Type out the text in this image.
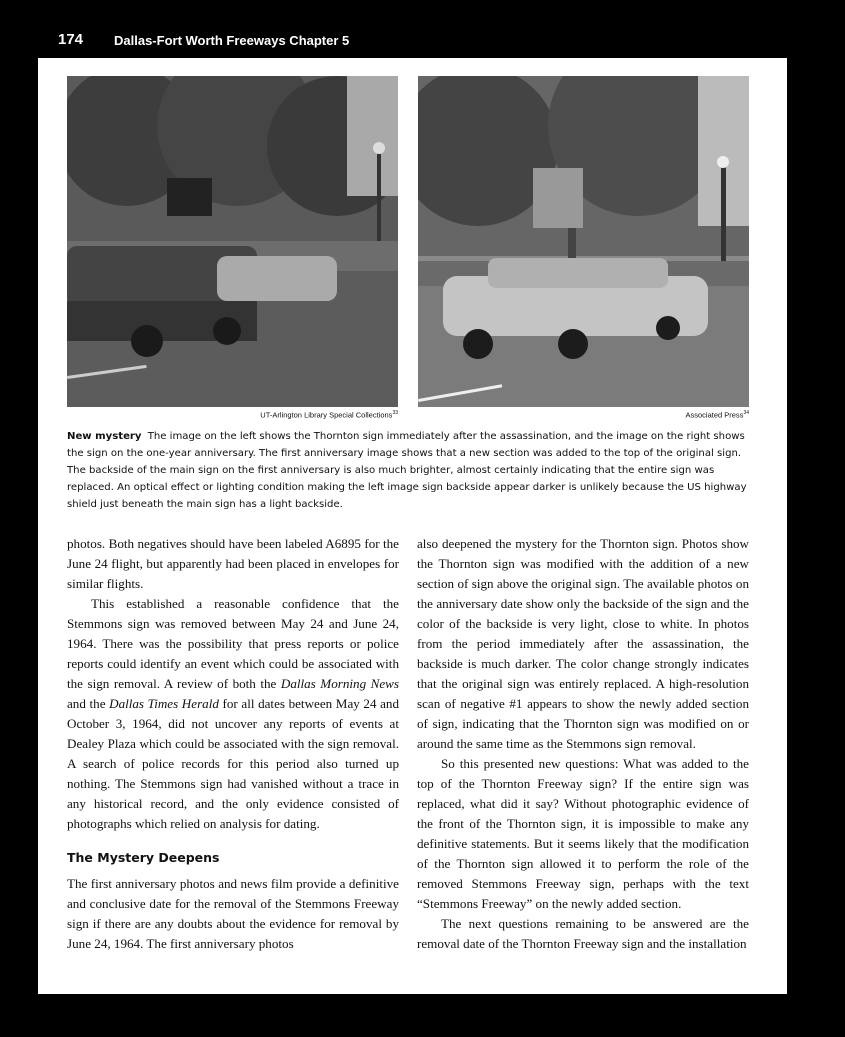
174 Dallas-Fort Worth Freeways Chapter 5
UT-Arlington Library Special Collections$^{33}$	Associated Press$^{34}$
New mystery The image on the left shows the Thornton sign immediately after the assassination, and the image on the right shows the sign on the one-year anniversary. The first anniversary image shows that a new section was added to the top of the original sign. The backside of the main sign on the first anniversary is also much brighter, almost certainly indicating that the entire sign was replaced. An optical effect or lighting condition making the left image sign backside appear darker is unlikely because the US highway shield just beneath the main sign has a light backside.

photos. Both negatives should have been labeled A6895 for the June 24 flight, but apparently had been placed in envelopes for similar flights.

This established a reasonable confidence that the Stemmons sign was removed between May 24 and June 24, 1964. There was the possibility that press reports or police reports could identify an event which could be associated with the sign removal. A review of both the Dallas Morning News and the Dallas Times Herald for all dates between May 24 and October 3, 1964, did not uncover any reports of events at Dealey Plaza which could be associated with the sign removal. A search of police records for this period also turned up nothing. The Stemmons sign had vanished without a trace in any historical record, and the only evidence consisted of photographs which relied on analysis for dating.

The Mystery Deepens

The first anniversary photos and news film provide a definitive and conclusive date for the removal of the Stemmons Freeway sign if there are any doubts about the evidence for removal by June 24, 1964. The first anniversary photos

also deepened the mystery for the Thornton sign. Photos show the Thornton sign was modified with the addition of a new section of sign above the original sign. The available photos on the anniversary date show only the backside of the sign and the color of the backside is very light, close to white. In photos from the period immediately after the assassination, the backside is much darker. The color change strongly indicates that the original sign was entirely replaced. A high-resolution scan of negative #1 appears to show the newly added section of sign, indicating that the Thornton sign was modified on or around the same time as the Stemmons sign removal.

So this presented new questions: What was added to the top of the Thornton Freeway sign? If the entire sign was replaced, what did it say? Without photographic evidence of the front of the Thornton sign, it is impossible to make any definitive statements. But it seems likely that the modification of the Thornton sign allowed it to perform the role of the removed Stemmons Freeway sign, perhaps with the text “Stemmons Freeway” on the newly added section.

The next questions remaining to be answered are the removal date of the Thornton Freeway sign and the installation
